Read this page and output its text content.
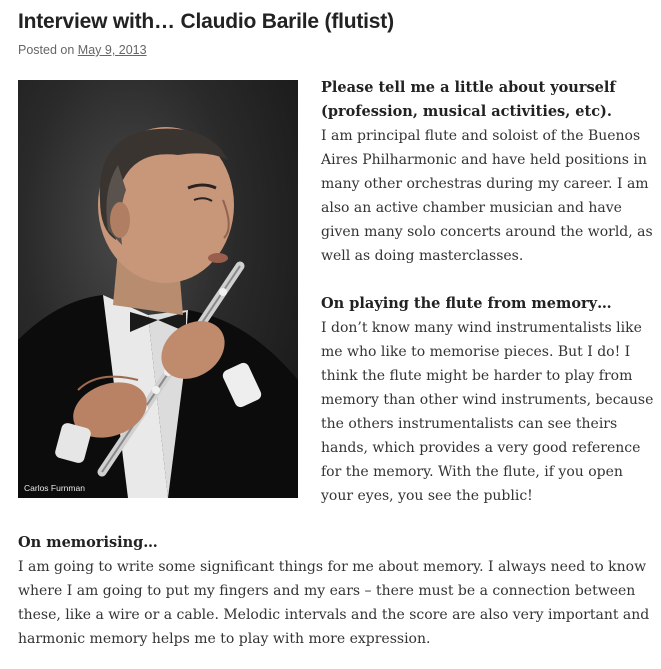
Interview with… Claudio Barile (flutist)
Posted on May 9, 2013
Carlos Furnman

Please tell me a little about yourself (profession, musical activities, etc).

I am principal flute and soloist of the Buenos Aires Philharmonic and have held positions in many other orchestras during my career. I am also an active chamber musician and have given many solo concerts around the world, as well as doing masterclasses.

On playing the flute from memory…

I don’t know many wind instrumentalists like me who like to memorise pieces. But I do! I think the flute might be harder to play from memory than other wind instruments, because the others instrumentalists can see theirs hands, which provides a very good reference for the memory. With the flute, if you open your eyes, you see the public!

On memorising…

I am going to write some significant things for me about memory. I always need to know where I am going to put my fingers and my ears – there must be a connection between these, like a wire or a cable. Melodic intervals and the score are also very important and harmonic memory helps me to play with more expression.
